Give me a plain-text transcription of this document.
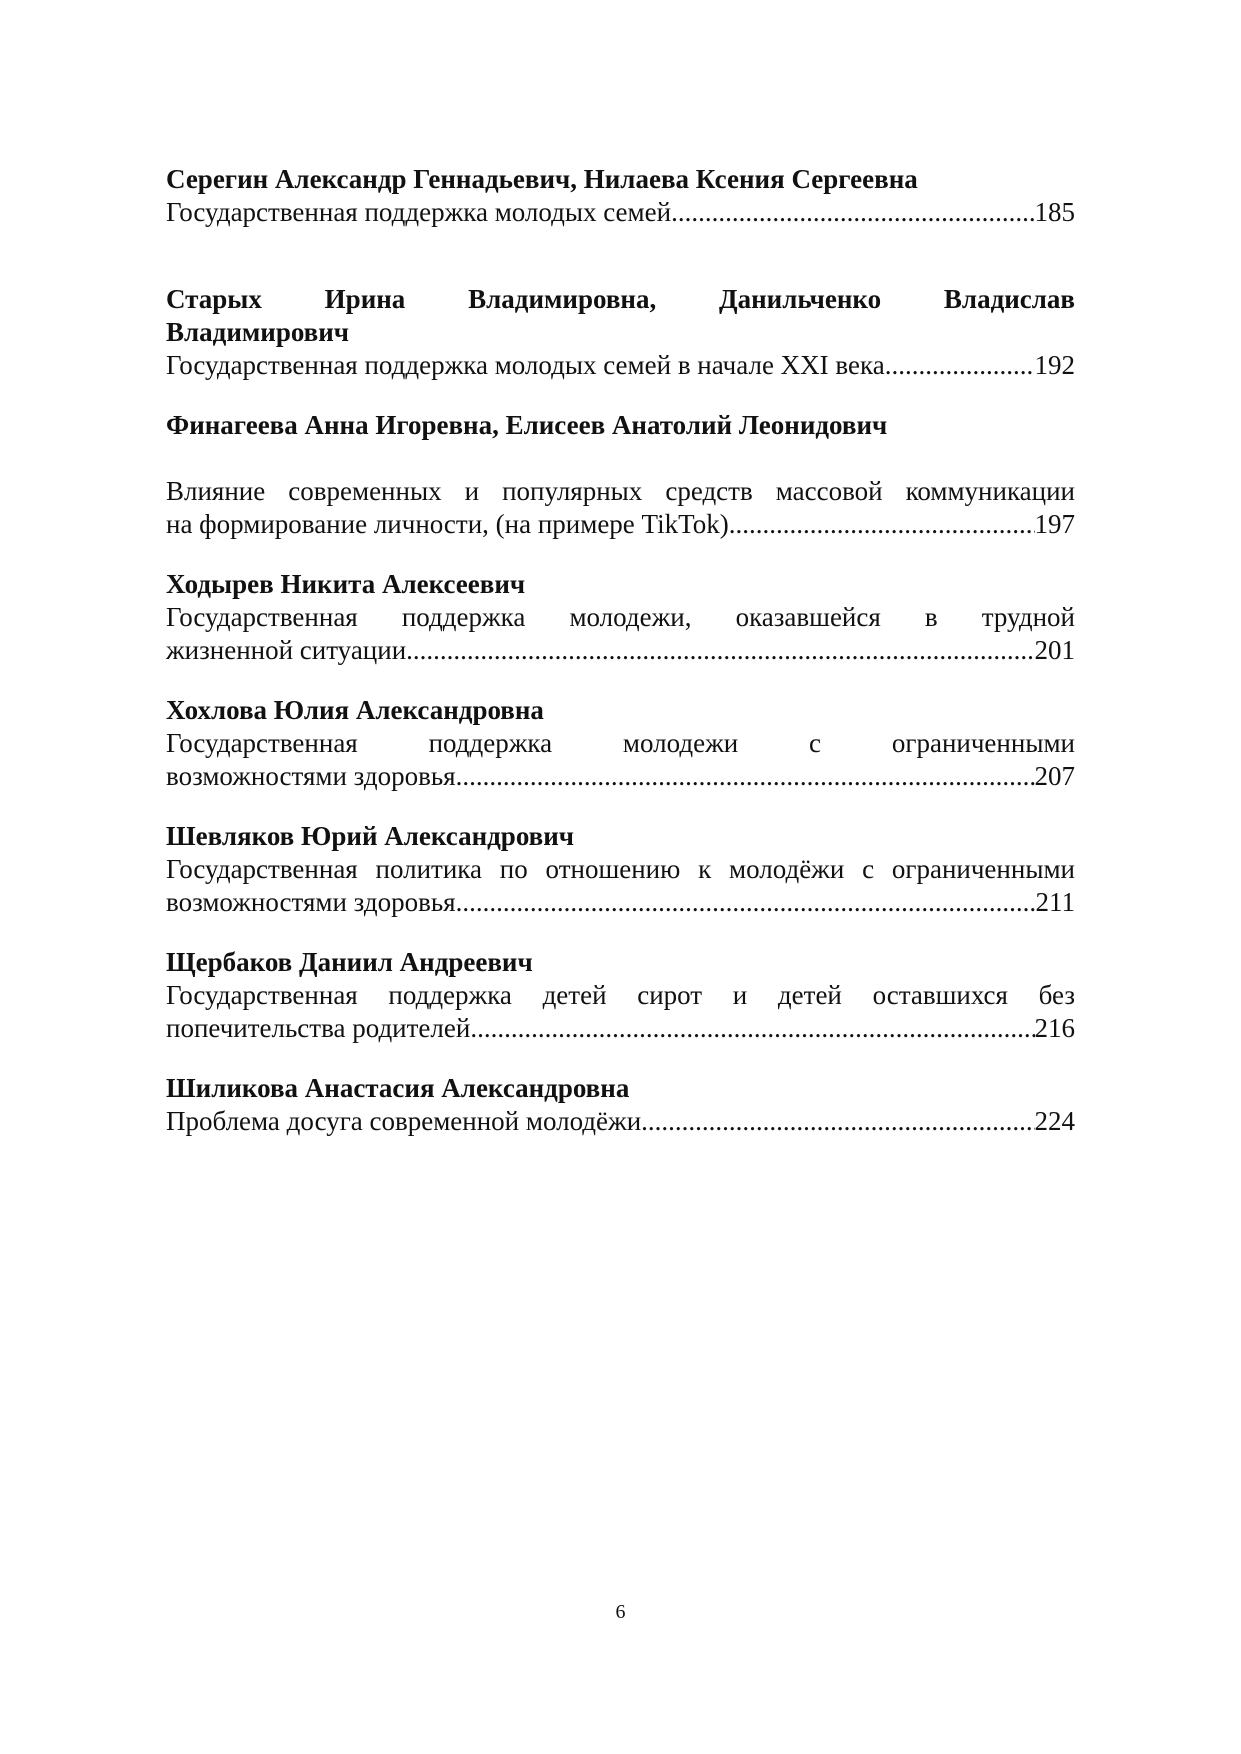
Серегин Александр Геннадьевич, Нилаева Ксения Сергеевна
Государственная поддержка молодых семей .....	185
Старых Ирина Владимировна, Данильченко Владислав
Владимирович
Государственная поддержка молодых семей в начале XXI века .....	192
Финагеева Анна Игоревна, Елисеев Анатолий Леонидович
Влияние современных и популярных средств массовой коммуникации
на формирование личности, (на примере TikTok) .....	197
Ходырев Никита Алексеевич
Государственная поддержка молодежи, оказавшейся в трудной
жизненной ситуации .....	201
Хохлова Юлия Александровна
Государственная поддержка молодежи с ограниченными
возможностями здоровья .....	207
Шевляков Юрий Александрович
Государственная политика по отношению к молодёжи с ограниченными
возможностями здоровья .....	211
Щербаков Даниил Андреевич
Государственная поддержка детей сирот и детей оставшихся без
попечительства родителей .....	216
Шиликова Анастасия Александровна
Проблема досуга современной молодёжи .....	224
6
